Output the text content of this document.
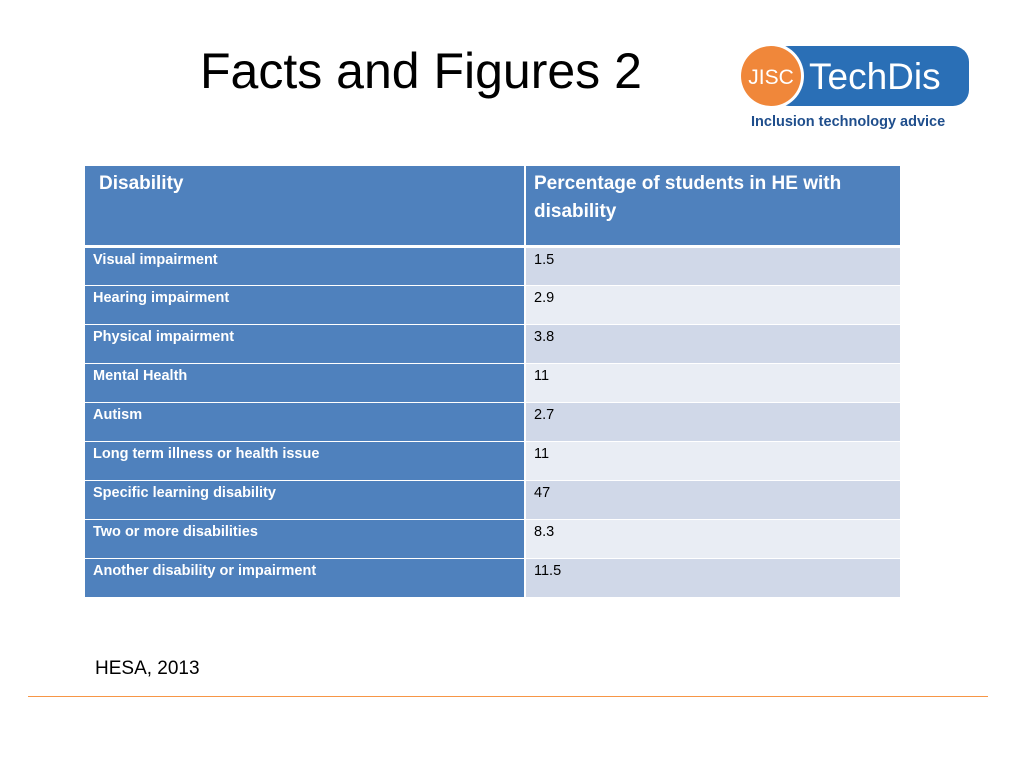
Facts and Figures 2	JISC TechDis
Inclusion technology advice
Disability	Percentage of students in HE with disability
Visual impairment	1.5
Hearing impairment	2.9
Physical impairment	3.8
Mental Health	11
Autism	2.7
Long term illness or health issue	11
Specific learning disability	47
Two or more disabilities	8.3
Another disability or impairment	11.5
HESA, 2013
